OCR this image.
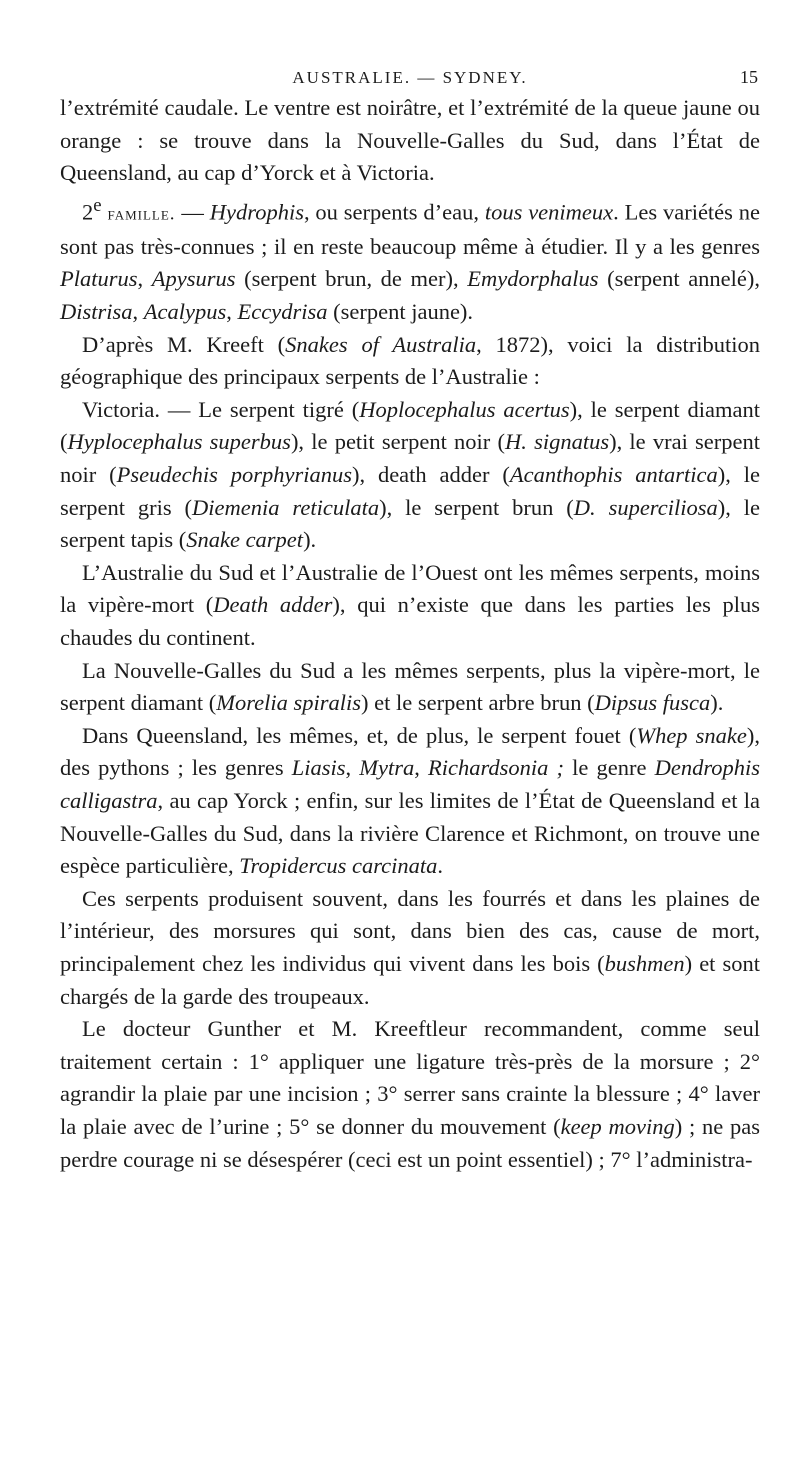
AUSTRALIE. — SYDNEY.	15

l’extrémité caudale. Le ventre est noirâtre, et l’extrémité de la queue jaune ou orange : se trouve dans la Nouvelle-Galles du Sud, dans l’État de Queensland, au cap d’Yorck et à Victoria.

2e famille. — Hydrophis, ou serpents d’eau, tous venimeux. Les variétés ne sont pas très-connues ; il en reste beaucoup même à étudier. Il y a les genres Platurus, Apysurus (serpent brun, de mer), Emydorphalus (serpent annelé), Distrisa, Acalypus, Eccydrisa (serpent jaune).

D’après M. Kreeft (Snakes of Australia, 1872), voici la distribution géographique des principaux serpents de l’Australie :

Victoria. — Le serpent tigré (Hoplocephalus acertus), le serpent diamant (Hyplocephalus superbus), le petit serpent noir (H. signatus), le vrai serpent noir (Pseudechis porphyrianus), death adder (Acanthophis antartica), le serpent gris (Diemenia reticulata), le serpent brun (D. superciliosa), le serpent tapis (Snake carpet).

L’Australie du Sud et l’Australie de l’Ouest ont les mêmes serpents, moins la vipère-mort (Death adder), qui n’existe que dans les parties les plus chaudes du continent.

La Nouvelle-Galles du Sud a les mêmes serpents, plus la vipère-mort, le serpent diamant (Morelia spiralis) et le serpent arbre brun (Dipsus fusca).

Dans Queensland, les mêmes, et, de plus, le serpent fouet (Whep snake), des pythons ; les genres Liasis, Mytra, Richardsonia ; le genre Dendrophis calligastra, au cap Yorck ; enfin, sur les limites de l’État de Queensland et la Nouvelle-Galles du Sud, dans la rivière Clarence et Richmont, on trouve une espèce particulière, Tropidercus carcinata.

Ces serpents produisent souvent, dans les fourrés et dans les plaines de l’intérieur, des morsures qui sont, dans bien des cas, cause de mort, principalement chez les individus qui vivent dans les bois (bushmen) et sont chargés de la garde des troupeaux.

Le docteur Gunther et M. Kreeftleur recommandent, comme seul traitement certain : 1° appliquer une ligature très-près de la morsure ; 2° agrandir la plaie par une incision ; 3° serrer sans crainte la blessure ; 4° laver la plaie avec de l’urine ; 5° se donner du mouvement (keep moving) ; ne pas perdre courage ni se désespérer (ceci est un point essentiel) ; 7° l’administra-
